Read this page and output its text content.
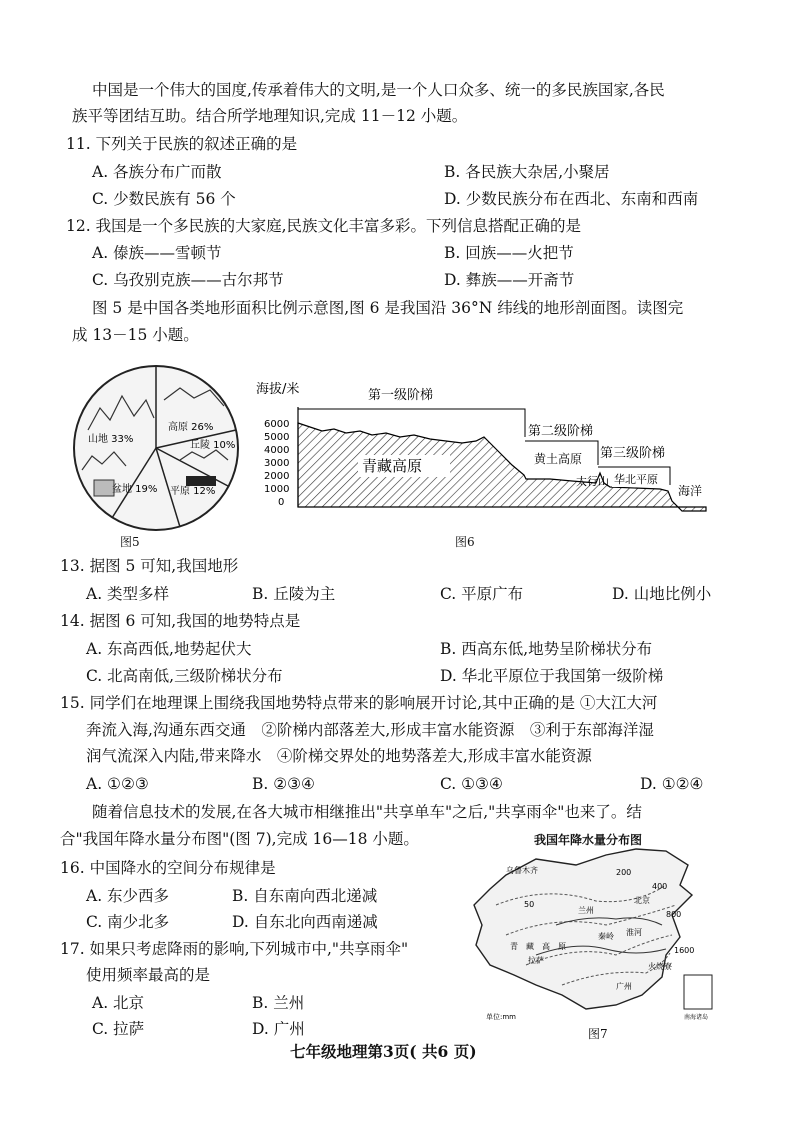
中国是一个伟大的国度,传承着伟大的文明,是一个人口众多、统一的多民族国家,各民
族平等团结互助。结合所学地理知识,完成 11－12 小题。
11. 下列关于民族的叙述正确的是
A. 各族分布广而散	B. 各民族大杂居,小聚居
C. 少数民族有 56 个	D. 少数民族分布在西北、东南和西南
12. 我国是一个多民族的大家庭,民族文化丰富多彩。下列信息搭配正确的是
A. 傣族——雪顿节	B. 回族——火把节
C. 乌孜别克族——古尔邦节	D. 彝族——开斋节
图 5 是中国各类地形面积比例示意图,图 6 是我国沿 36°N 纬线的地形剖面图。读图完
成 13－15 小题。
高原 26%
丘陵 10%
山地 33%
盆地 19% 平原 12%
图5
海拔/米
6000
5000
4000
3000
2000
1000
0
第一级阶梯
第二级阶梯
第三级阶梯
青藏高原	黄土高原
太行山 华北平原
海洋
图6
13. 据图 5 可知,我国地形
A. 类型多样	B. 丘陵为主	C. 平原广布	D. 山地比例小
14. 据图 6 可知,我国的地势特点是
A. 东高西低,地势起伏大	B. 西高东低,地势呈阶梯状分布
C. 北高南低,三级阶梯状分布	D. 华北平原位于我国第一级阶梯
15. 同学们在地理课上围绕我国地势特点带来的影响展开讨论,其中正确的是 ①大江大河
奔流入海,沟通东西交通　②阶梯内部落差大,形成丰富水能资源　③利于东部海洋湿
润气流深入内陆,带来降水　④阶梯交界处的地势落差大,形成丰富水能资源
A. ①②③	B. ②③④	C. ①③④	D. ①②④
随着信息技术的发展,在各大城市相继推出"共享单车"之后,"共享雨伞"也来了。结
合"我国年降水量分布图"(图 7),完成 16—18 小题。
16. 中国降水的空间分布规律是
A. 东少西多	B. 自东南向西北递减
C. 南少北多	D. 自东北向西南递减
17. 如果只考虑降雨的影响,下列城市中,"共享雨伞"
使用频率最高的是
A. 北京	B. 兰州
C. 拉萨	D. 广州
我国年降水量分布图
乌鲁木齐
兰州
北京
青　藏　高　原
拉萨
秦岭 淮河
广州
火烧寮
50
200
400
800
1600
南海诸岛
单位:mm
图7
七年级地理第3页( 共6 页)
